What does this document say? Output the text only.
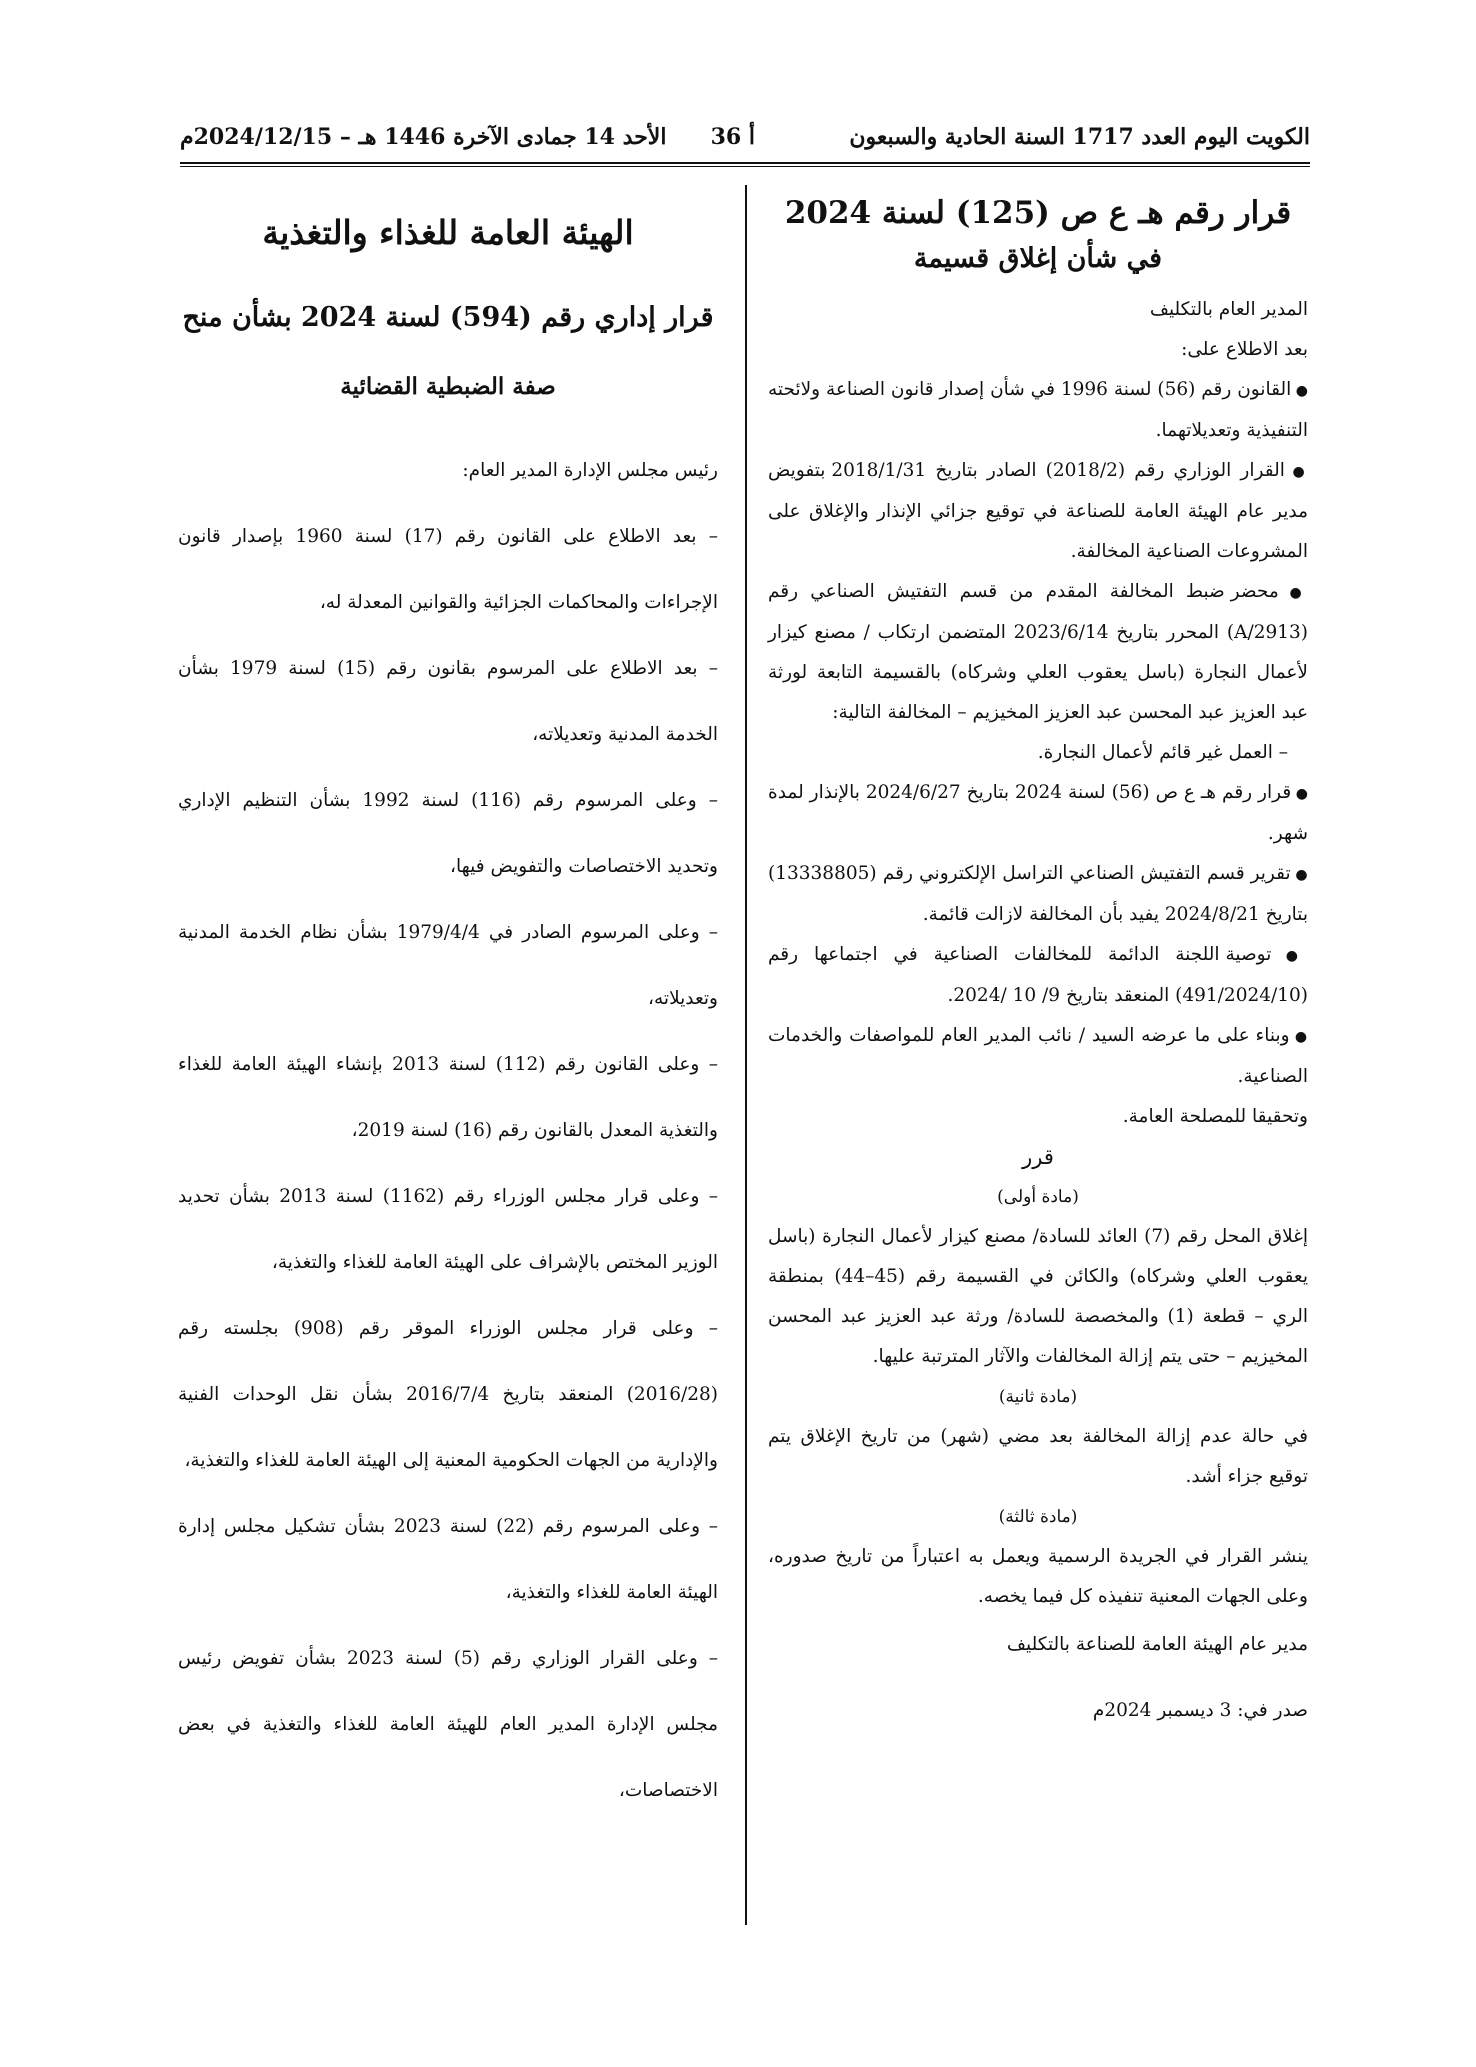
الكويت اليوم العدد 1717 السنة الحادية والسبعون
أ 36
الأحد 14 جمادى الآخرة 1446 هـ – 2024/12/15م

قرار رقم هـ ع ص (125) لسنة 2024

في شأن إغلاق قسيمة

المدير العام بالتكليف

بعد الاطلاع على:

● القانون رقم (56) لسنة 1996 في شأن إصدار قانون الصناعة ولائحته التنفيذية وتعديلاتهما.

● القرار الوزاري رقم (2018/2) الصادر بتاريخ 2018/1/31 بتفويض مدير عام الهيئة العامة للصناعة في توقيع جزائي الإنذار والإغلاق على المشروعات الصناعية المخالفة.

● محضر ضبط المخالفة المقدم من قسم التفتيش الصناعي رقم (2913/A) المحرر بتاريخ 2023/6/14 المتضمن ارتكاب / مصنع كيزار لأعمال النجارة (باسل يعقوب العلي وشركاه) بالقسيمة التابعة لورثة عبد العزيز عبد المحسن عبد العزيز المخيزيم – المخالفة التالية:

– العمل غير قائم لأعمال النجارة.

● قرار رقم هـ ع ص (56) لسنة 2024 بتاريخ 2024/6/27 بالإنذار لمدة شهر.

● تقرير قسم التفتيش الصناعي التراسل الإلكتروني رقم (13338805) بتاريخ 2024/8/21 يفيد بأن المخالفة لازالت قائمة.

● توصية اللجنة الدائمة للمخالفات الصناعية في اجتماعها رقم (491/2024/10) المنعقد بتاريخ 9/ 10 /2024.

● وبناء على ما عرضه السيد / نائب المدير العام للمواصفات والخدمات الصناعية.

وتحقيقا للمصلحة العامة.

قرر

(مادة أولى)

إغلاق المحل رقم (7) العائد للسادة/ مصنع كيزار لأعمال النجارة (باسل يعقوب العلي وشركاه) والكائن في القسيمة رقم (45–44) بمنطقة الري – قطعة (1) والمخصصة للسادة/ ورثة عبد العزيز عبد المحسن المخيزيم – حتى يتم إزالة المخالفات والآثار المترتبة عليها.

(مادة ثانية)

في حالة عدم إزالة المخالفة بعد مضي (شهر) من تاريخ الإغلاق يتم توقيع جزاء أشد.

(مادة ثالثة)

ينشر القرار في الجريدة الرسمية ويعمل به اعتباراً من تاريخ صدوره، وعلى الجهات المعنية تنفيذه كل فيما يخصه.

مدير عام الهيئة العامة للصناعة بالتكليف

صدر في: 3 ديسمبر 2024م

الهيئة العامة للغذاء والتغذية

قرار إداري رقم (594) لسنة 2024 بشأن منح

صفة الضبطية القضائية

رئيس مجلس الإدارة المدير العام:

– بعد الاطلاع على القانون رقم (17) لسنة 1960 بإصدار قانون الإجراءات والمحاكمات الجزائية والقوانين المعدلة له،

– بعد الاطلاع على المرسوم بقانون رقم (15) لسنة 1979 بشأن الخدمة المدنية وتعديلاته،

– وعلى المرسوم رقم (116) لسنة 1992 بشأن التنظيم الإداري وتحديد الاختصاصات والتفويض فيها،

– وعلى المرسوم الصادر في 1979/4/4 بشأن نظام الخدمة المدنية وتعديلاته،

– وعلى القانون رقم (112) لسنة 2013 بإنشاء الهيئة العامة للغذاء والتغذية المعدل بالقانون رقم (16) لسنة 2019،

– وعلى قرار مجلس الوزراء رقم (1162) لسنة 2013 بشأن تحديد الوزير المختص بالإشراف على الهيئة العامة للغذاء والتغذية،

– وعلى قرار مجلس الوزراء الموقر رقم (908) بجلسته رقم (2016/28) المنعقد بتاريخ 2016/7/4 بشأن نقل الوحدات الفنية والإدارية من الجهات الحكومية المعنية إلى الهيئة العامة للغذاء والتغذية،

– وعلى المرسوم رقم (22) لسنة 2023 بشأن تشكيل مجلس إدارة الهيئة العامة للغذاء والتغذية،

– وعلى القرار الوزاري رقم (5) لسنة 2023 بشأن تفويض رئيس مجلس الإدارة المدير العام للهيئة العامة للغذاء والتغذية في بعض الاختصاصات،
